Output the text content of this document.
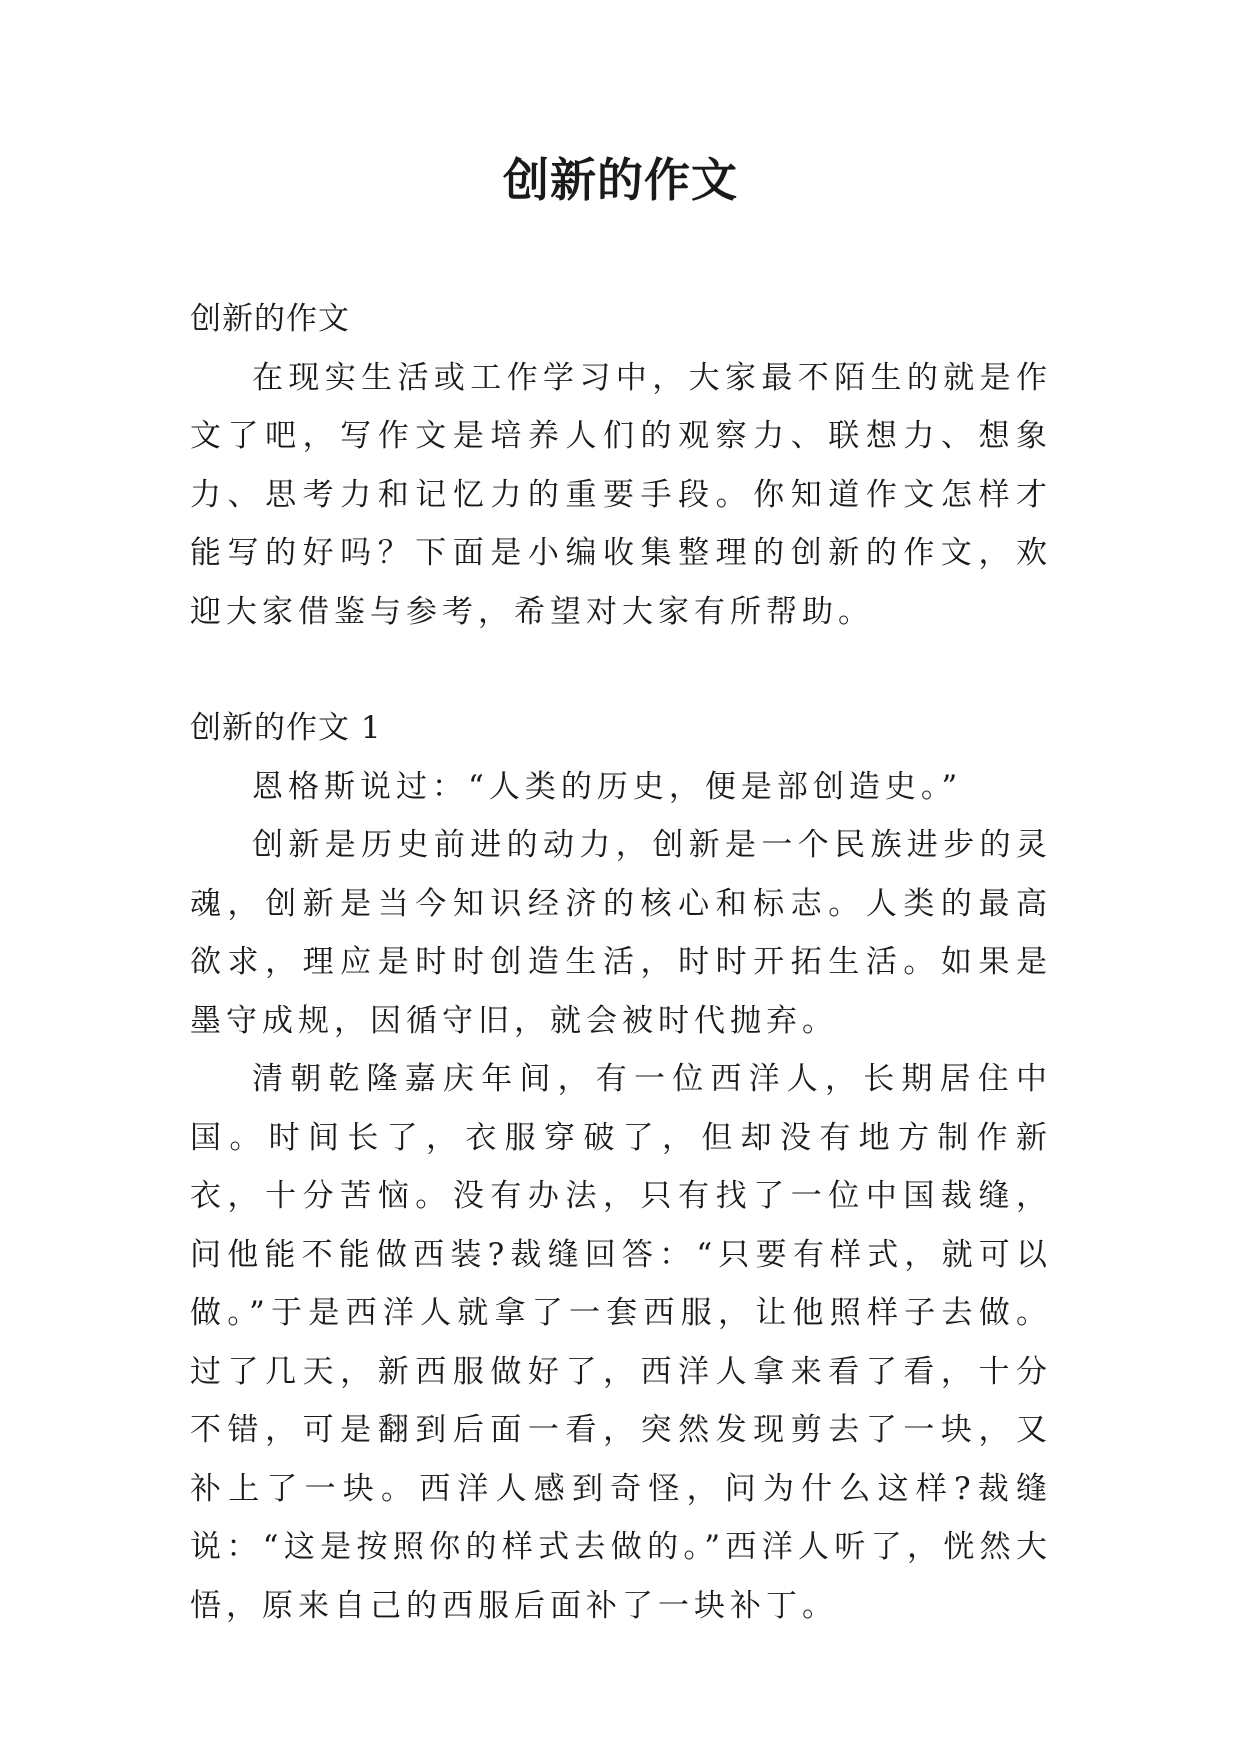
创新的作文
创新的作文

在现实生活或工作学习中，大家最不陌生的就是作文了吧，写作文是培养人们的观察力、联想力、想象力、思考力和记忆力的重要手段。你知道作文怎样才能写的好吗？下面是小编收集整理的创新的作文，欢迎大家借鉴与参考，希望对大家有所帮助。

创新的作文 1

恩格斯说过：“人类的历史，便是部创造史。”

创新是历史前进的动力，创新是一个民族进步的灵魂，创新是当今知识经济的核心和标志。人类的最高欲求，理应是时时创造生活，时时开拓生活。如果是墨守成规，因循守旧，就会被时代抛弃。

清朝乾隆嘉庆年间，有一位西洋人，长期居住中国。时间长了，衣服穿破了，但却没有地方制作新衣，十分苦恼。没有办法，只有找了一位中国裁缝，问他能不能做西装?裁缝回答：“只要有样式，就可以做。”于是西洋人就拿了一套西服，让他照样子去做。过了几天，新西服做好了，西洋人拿来看了看，十分不错，可是翻到后面一看，突然发现剪去了一块，又补上了一块。西洋人感到奇怪，问为什么这样?裁缝说：“这是按照你的样式去做的。”西洋人听了，恍然大悟，原来自己的西服后面补了一块补丁。
